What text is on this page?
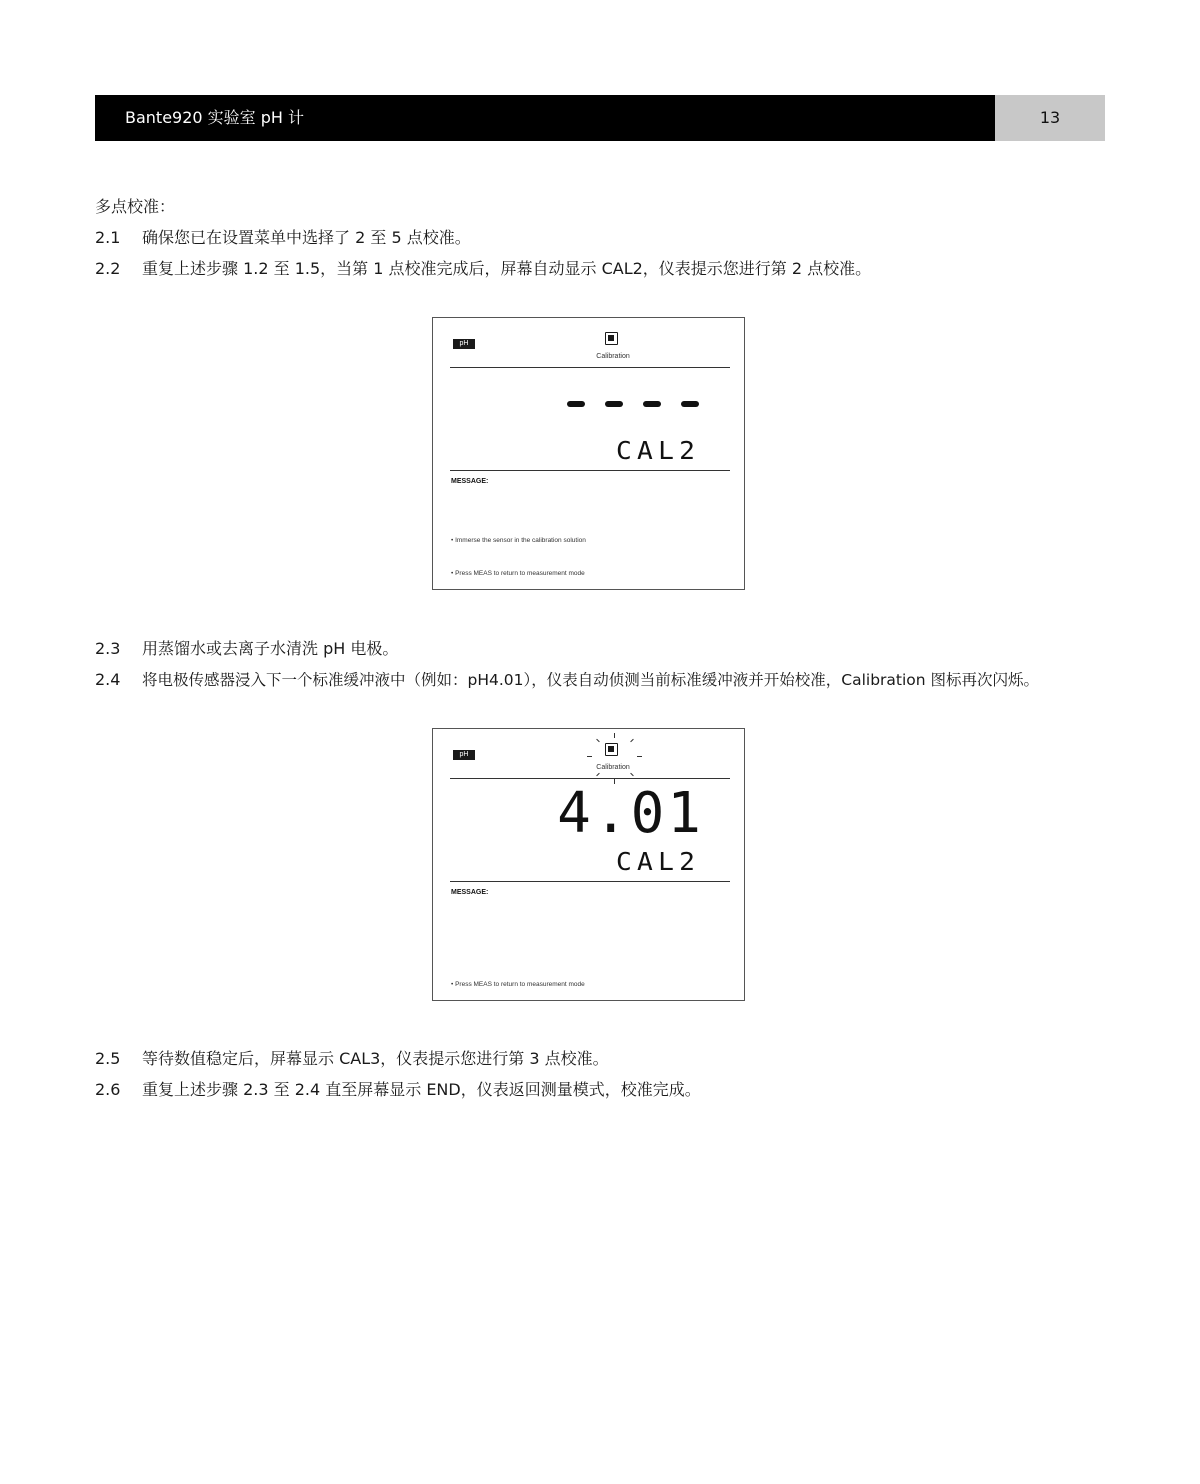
Bante920 实验室 pH 计	13
多点校准：
2.1 确保您已在设置菜单中选择了 2 至 5 点校准。
2.2 重复上述步骤 1.2 至 1.5，当第 1 点校准完成后，屏幕自动显示 CAL2，仪表提示您进行第 2 点校准。
pH
Calibration
CAL2
MESSAGE:
• Immerse the sensor in the calibration solution
• Press MEAS to return to measurement mode
2.3 用蒸馏水或去离子水清洗 pH 电极。
2.4 将电极传感器浸入下一个标准缓冲液中（例如：pH4.01），仪表自动侦测当前标准缓冲液并开始校准，Calibration 图标再次闪烁。
pH
Calibration
4.01
CAL2
MESSAGE:
• Press MEAS to return to measurement mode
2.5 等待数值稳定后，屏幕显示 CAL3，仪表提示您进行第 3 点校准。
2.6 重复上述步骤 2.3 至 2.4 直至屏幕显示 END，仪表返回测量模式，校准完成。
